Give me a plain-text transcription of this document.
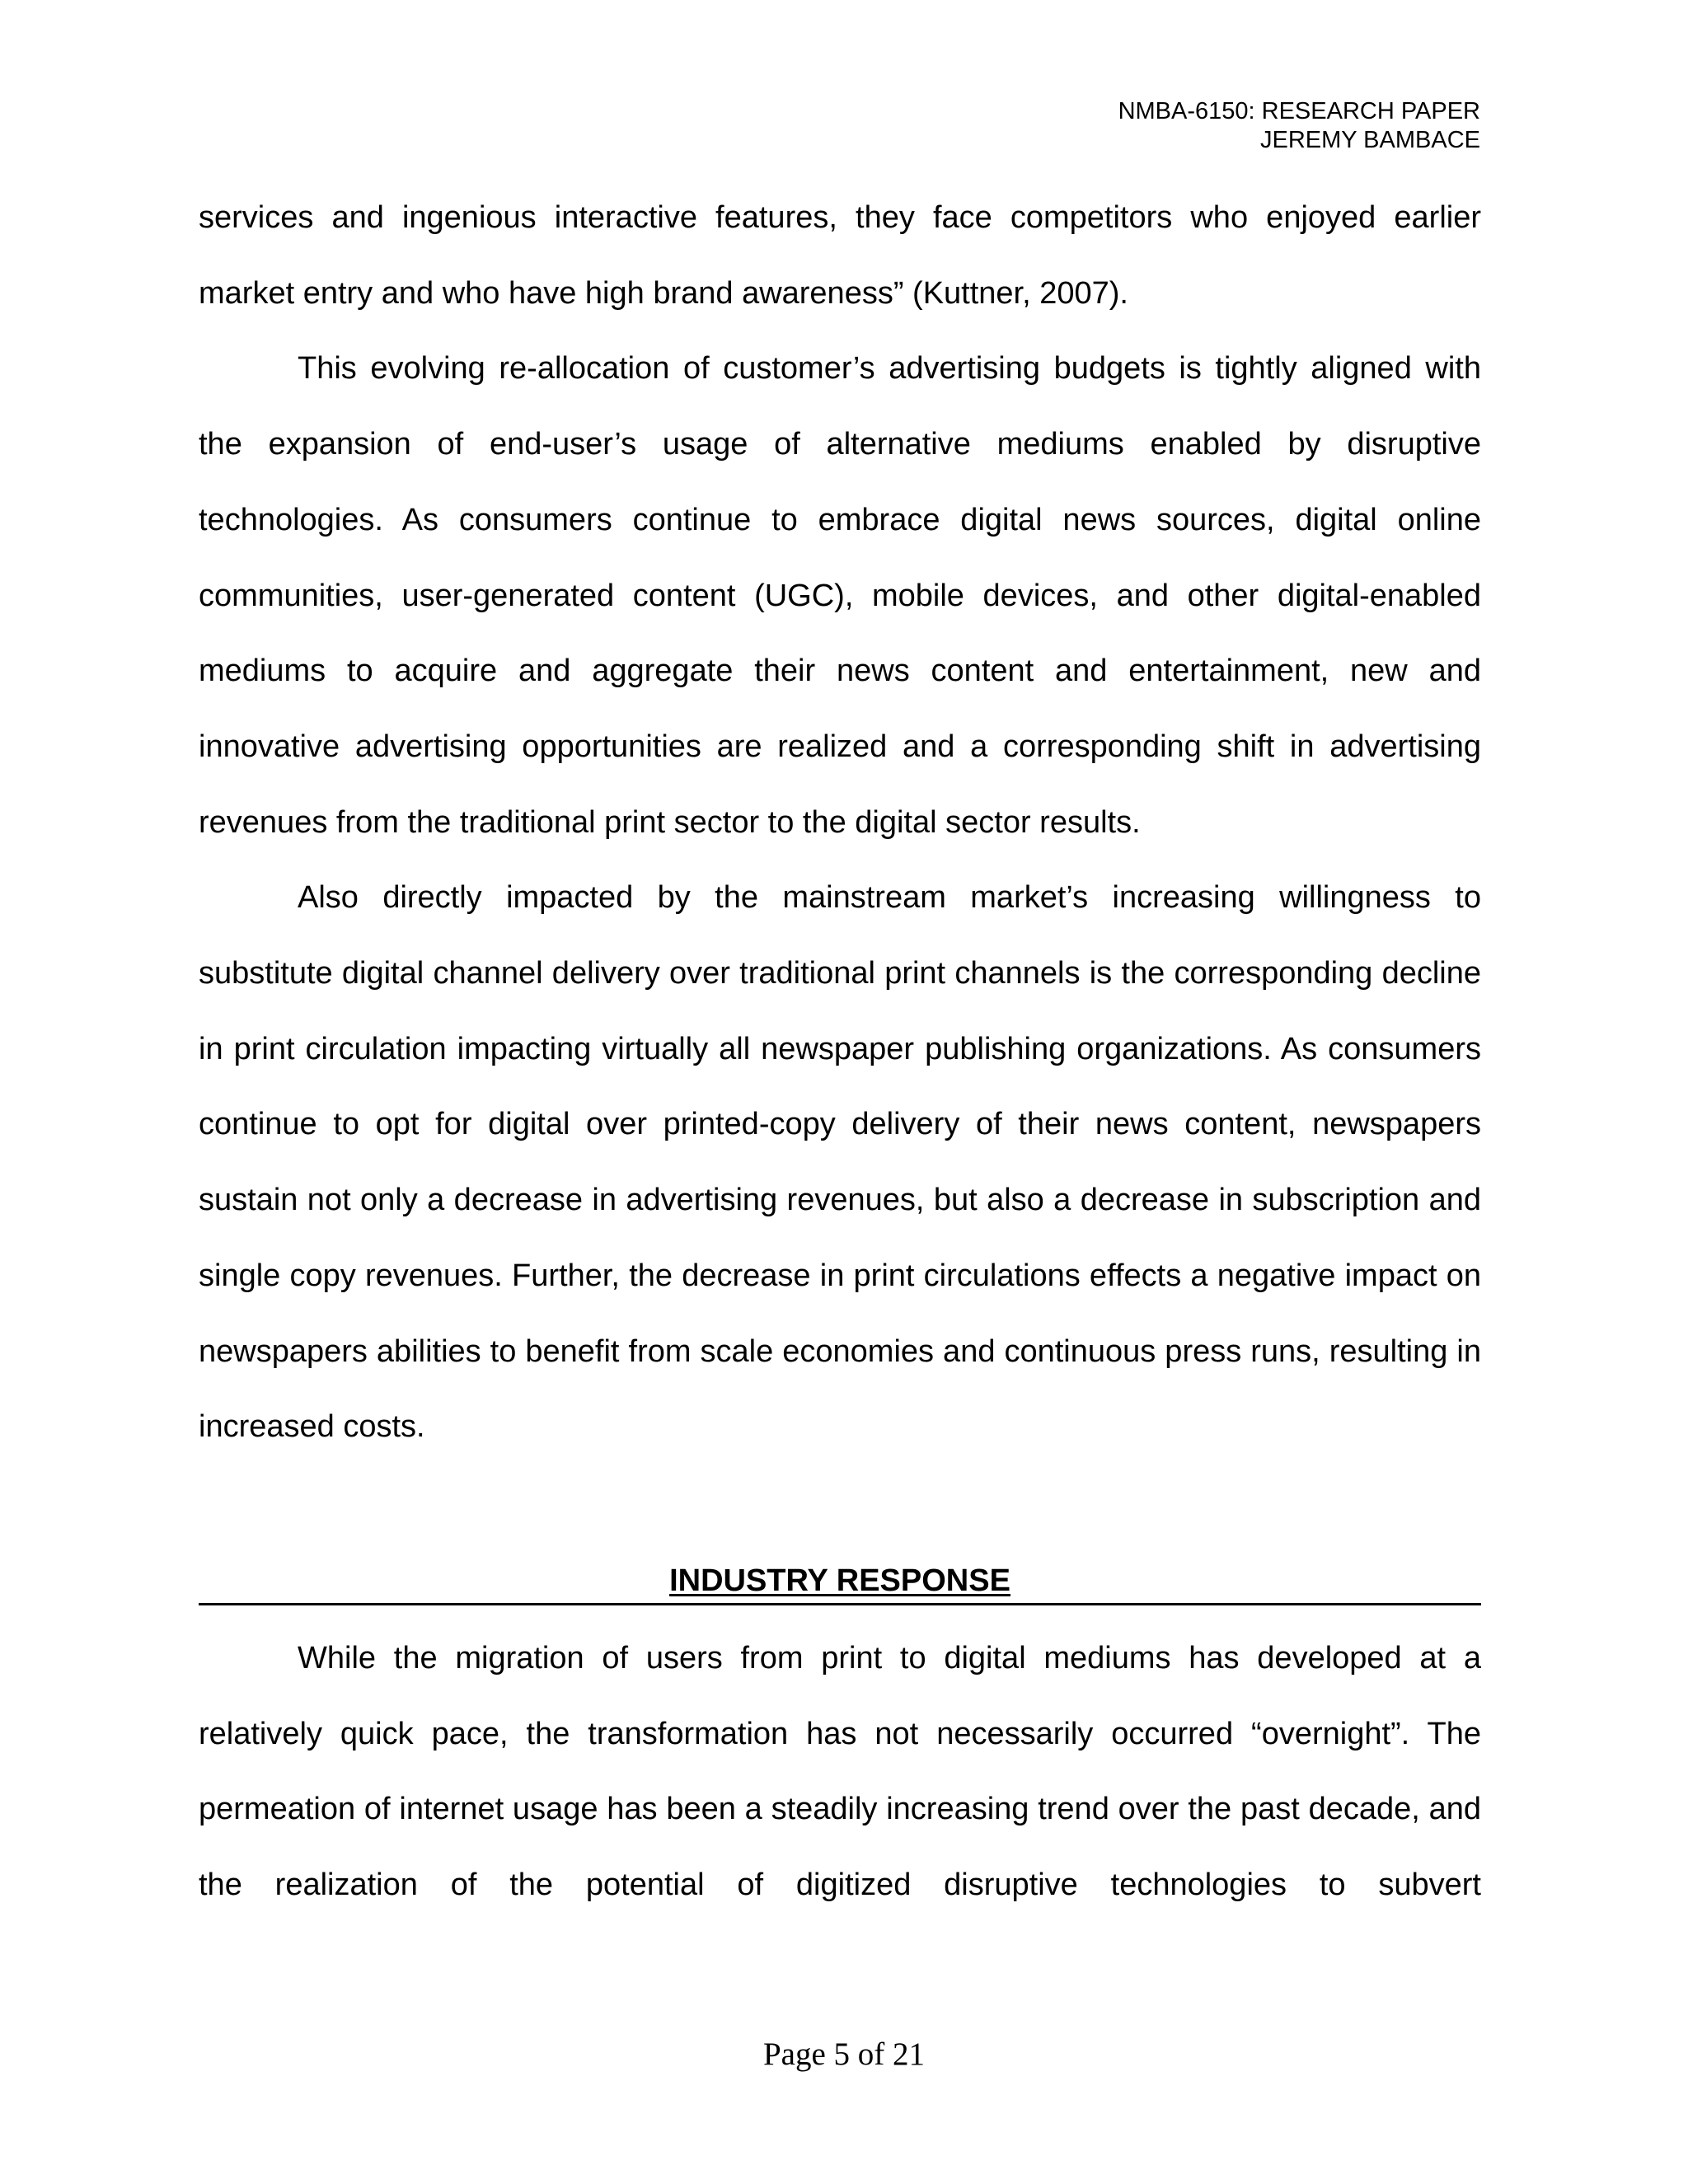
NMBA-6150: RESEARCH PAPER
JEREMY BAMBACE

services and ingenious interactive features, they face competitors who enjoyed earlier market entry and who have high brand awareness” (Kuttner, 2007).

This evolving re-allocation of customer’s advertising budgets is tightly aligned with the expansion of end-user’s usage of alternative mediums enabled by disruptive technologies. As consumers continue to embrace digital news sources, digital online communities, user-generated content (UGC), mobile devices, and other digital-enabled mediums to acquire and aggregate their news content and entertainment, new and innovative advertising opportunities are realized and a corresponding shift in advertising revenues from the traditional print sector to the digital sector results.

Also directly impacted by the mainstream market’s increasing willingness to substitute digital channel delivery over traditional print channels is the corresponding decline in print circulation impacting virtually all newspaper publishing organizations. As consumers continue to opt for digital over printed-copy delivery of their news content, newspapers sustain not only a decrease in advertising revenues, but also a decrease in subscription and single copy revenues. Further, the decrease in print circulations effects a negative impact on newspapers abilities to benefit from scale economies and continuous press runs, resulting in increased costs.

INDUSTRY RESPONSE

While the migration of users from print to digital mediums has developed at a relatively quick pace, the transformation has not necessarily occurred “overnight”. The permeation of internet usage has been a steadily increasing trend over the past decade, and the realization of the potential of digitized disruptive technologies to subvert

Page 5 of 21
